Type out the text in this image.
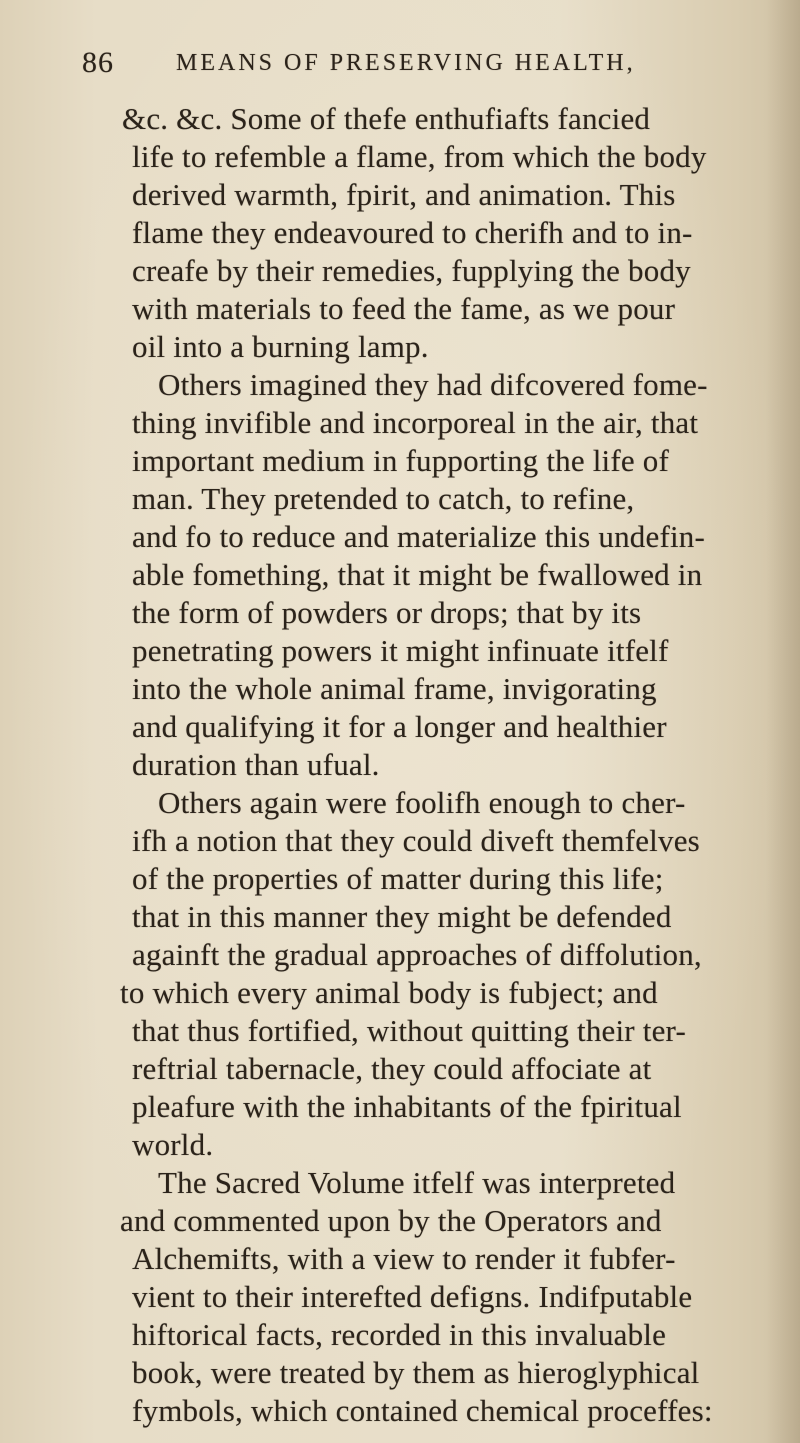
86	MEANS OF PRESERVING HEALTH,
&c. &c. Some of thefe enthufiafts fancied
life to refemble a flame, from which the body
derived warmth, fpirit, and animation. This
flame they endeavoured to cherifh and to in-
creafe by their remedies, fupplying the body
with materials to feed the fame, as we pour
oil into a burning lamp.
Others imagined they had difcovered fome-
thing invifible and incorporeal in the air, that
important medium in fupporting the life of
man. They pretended to catch, to refine,
and fo to reduce and materialize this undefin-
able fomething, that it might be fwallowed in
the form of powders or drops; that by its
penetrating powers it might infinuate itfelf
into the whole animal frame, invigorating
and qualifying it for a longer and healthier
duration than ufual.
Others again were foolifh enough to cher-
ifh a notion that they could diveft themfelves
of the properties of matter during this life;
that in this manner they might be defended
againft the gradual approaches of diffolution,
to which every animal body is fubject; and
that thus fortified, without quitting their ter-
reftrial tabernacle, they could affociate at
pleafure with the inhabitants of the fpiritual
world.
The Sacred Volume itfelf was interpreted
and commented upon by the Operators and
Alchemifts, with a view to render it fubfer-
vient to their interefted defigns. Indifputable
hiftorical facts, recorded in this invaluable
book, were treated by them as hieroglyphical
fymbols, which contained chemical proceffes:
